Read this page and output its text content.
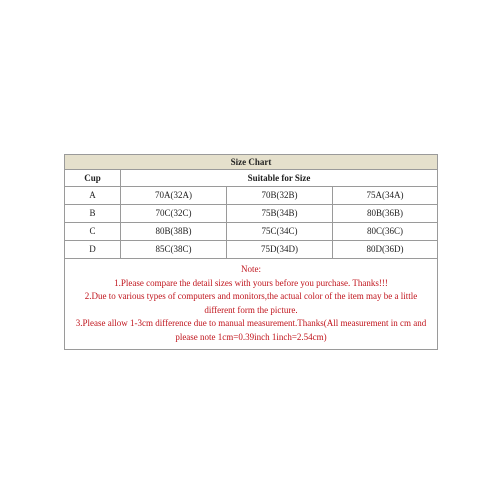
Size Chart			
Cup	Suitable for Size		
A	70A(32A)	70B(32B)	75A(34A)
B	70C(32C)	75B(34B)	80B(36B)
C	80B(38B)	75C(34C)	80C(36C)
D	85C(38C)	75D(34D)	80D(36D)

Note:
1.Please compare the detail sizes with yours before you purchase. Thanks!!!
2.Due to various types of computers and monitors,the actual color of the item may be a little different form the picture.
3.Please allow 1-3cm difference due to manual measurement.Thanks(All measurement in cm and please note 1cm=0.39inch 1inch=2.54cm)			
